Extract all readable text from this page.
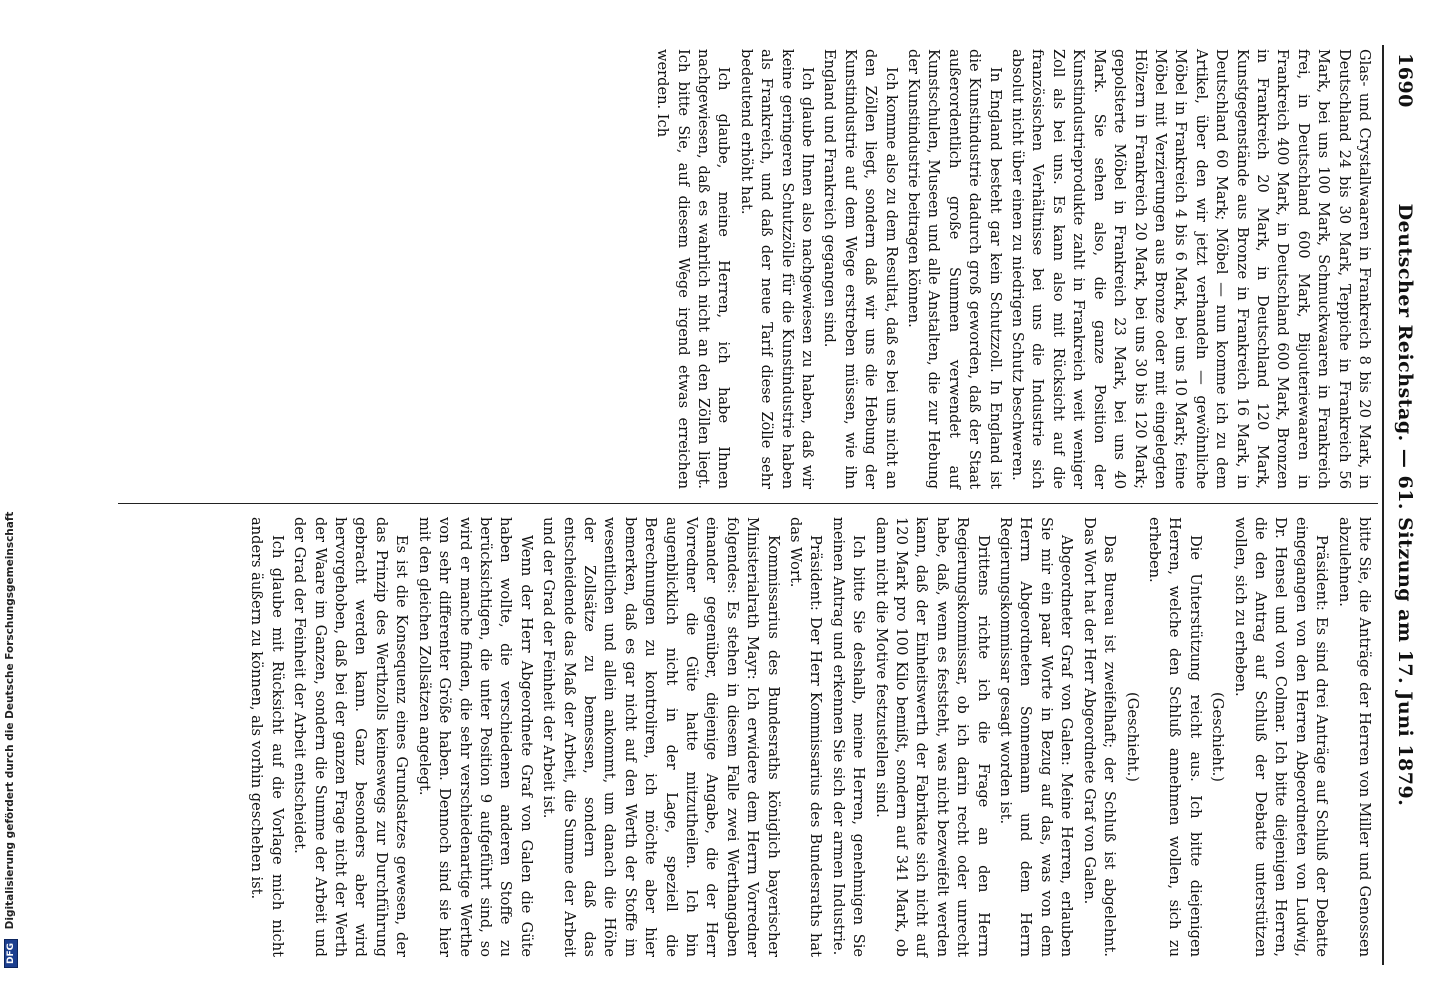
1690
Deutscher Reichstag. — 61. Sitzung am 17. Juni 1879.

Glas- und Crystallwaaren in Frankreich 8 bis 20 Mark, in Deutschland 24 bis 30 Mark, Teppiche in Frankreich 56 Mark, bei uns 100 Mark, Schmuckwaaren in Frankreich frei, in Deutschland 600 Mark, Bijouteriewaaren in Frankreich 400 Mark, in Deutschland 600 Mark, Bronzen in Frankreich 20 Mark, in Deutschland 120 Mark, Kunstgegenstände aus Bronze in Frankreich 16 Mark, in Deutschland 60 Mark; Möbel — nun komme ich zu dem Artikel, über den wir jetzt verhandeln — gewöhnliche Möbel in Frankreich 4 bis 6 Mark, bei uns 10 Mark; feine Möbel mit Verzierungen aus Bronze oder mit eingelegten Hölzern in Frankreich 20 Mark, bei uns 30 bis 120 Mark; gepolsterte Möbel in Frankreich 23 Mark, bei uns 40 Mark. Sie sehen also, die ganze Position der Kunstindustrieprodukte zahlt in Frankreich weit weniger Zoll als bei uns. Es kann also mit Rücksicht auf die französischen Verhältnisse bei uns die Industrie sich absolut nicht über einen zu niedrigen Schutz beschweren.

In England besteht gar kein Schutzzoll. In England ist die Kunstindustrie dadurch groß geworden, daß der Staat außerordentlich große Summen verwendet auf Kunstschulen, Museen und alle Anstalten, die zur Hebung der Kunstindustrie beitragen können.

Ich komme also zu dem Resultat, daß es bei uns nicht an den Zöllen liegt, sondern daß wir uns die Hebung der Kunstindustrie auf dem Wege erstreben müssen, wie ihn England und Frankreich gegangen sind.

Ich glaube Ihnen also nachgewiesen zu haben, daß wir keine geringeren Schutzzölle für die Kunstindustrie haben als Frankreich, und daß der neue Tarif diese Zölle sehr bedeutend erhöht hat.

Ich glaube, meine Herren, ich habe Ihnen nachgewiesen, daß es wahrlich nicht an den Zöllen liegt. Ich bitte Sie, auf diesem Wege irgend etwas erreichen werden. Ich

bitte Sie, die Anträge der Herren von Miller und Genossen abzulehnen.

Präsident: Es sind drei Anträge auf Schluß der Debatte eingegangen von den Herren Abgeordneten von Ludwig, Dr. Hensel und von Colmar. Ich bitte diejenigen Herren, die den Antrag auf Schluß der Debatte unterstützen wollen, sich zu erheben.

(Geschieht.)

Die Unterstützung reicht aus. Ich bitte diejenigen Herren, welche den Schluß annehmen wollen, sich zu erheben.

(Geschieht.)

Das Bureau ist zweifelhaft; der Schluß ist abgelehnt. Das Wort hat der Herr Abgeordnete Graf von Galen.

Abgeordneter Graf von Galen: Meine Herren, erlauben Sie mir ein paar Worte in Bezug auf das, was von dem Herrn Abgeordneten Sonnemann und dem Herrn Regierungskommissar gesagt worden ist.

Drittens richte ich die Frage an den Herrn Regierungskommissar, ob ich darin recht oder unrecht habe, daß, wenn es feststeht, was nicht bezweifelt werden kann, daß der Einheitswerth der Fabrikate sich nicht auf 120 Mark pro 100 Kilo bemißt, sondern auf 341 Mark, ob dann nicht die Motive festzustellen sind.

Ich bitte Sie deshalb, meine Herren, genehmigen Sie meinen Antrag und erkennen Sie sich der armen Industrie.

Präsident: Der Herr Kommissarius des Bundesraths hat das Wort.

Kommissarius des Bundesraths königlich bayerischer Ministerialrath Mayr: Ich erwidere dem Herrn Vorredner folgendes: Es stehen in diesem Falle zwei Werthangaben einander gegenüber, diejenige Angabe, die der Herr Vorredner die Güte hatte mitzutheilen. Ich bin augenblicklich nicht in der Lage, speziell die Berechnungen zu kontroliren, ich möchte aber hier bemerken, daß es gar nicht auf den Werth der Stoffe im wesentlichen und allein ankommt, um danach die Höhe der Zollsätze zu bemessen, sondern daß das entscheidende das Maß der Arbeit, die Summe der Arbeit und der Grad der Feinheit der Arbeit ist.

Wenn der Herr Abgeordnete Graf von Galen die Güte haben wollte, die verschiedenen anderen Stoffe zu berücksichtigen, die unter Position 9 aufgeführt sind, so wird er manche finden, die sehr verschiedenartige Werthe von sehr differenter Größe haben. Dennoch sind sie hier mit den gleichen Zollsätzen angelegt.

Es ist die Konsequenz eines Grundsatzes gewesen, der das Prinzip des Werthzolls keineswegs zur Durchführung gebracht werden kann. Ganz besonders aber wird hervorgehoben, daß bei der ganzen Frage nicht der Werth der Waare im Ganzen, sondern die Summe der Arbeit und der Grad der Feinheit der Arbeit entscheidet.

Ich glaube mit Rücksicht auf die Vorlage mich nicht anders äußern zu können, als vorhin geschehen ist.

DFG Digitalisierung gefördert durch die Deutsche Forschungsgemeinschaft
